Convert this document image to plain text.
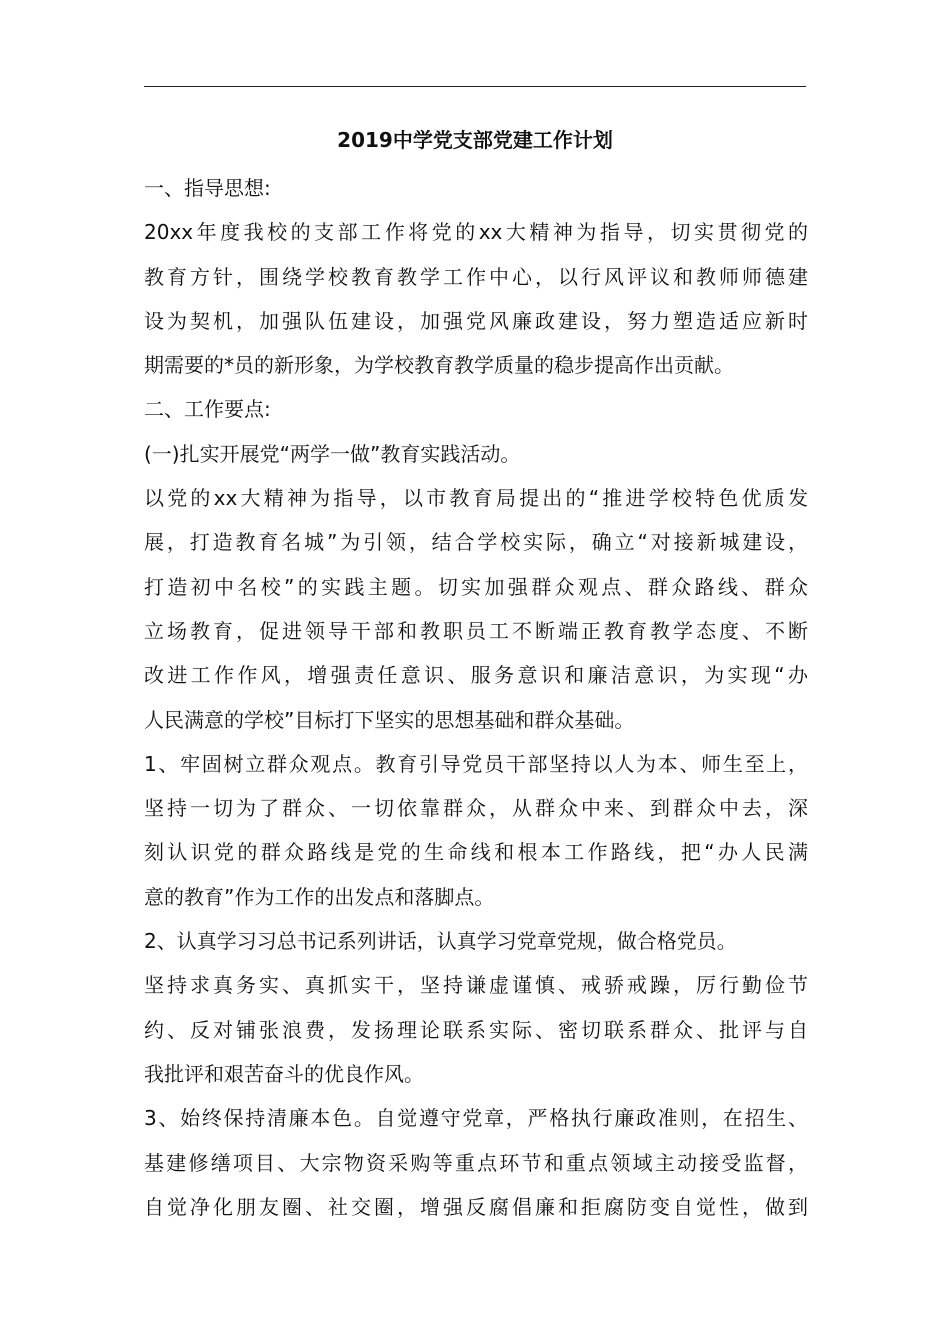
2019中学党支部党建工作计划
一、指导思想:
20xx年度我校的支部工作将党的xx大精神为指导，切实贯彻党的
教育方针，围绕学校教育教学工作中心，以行风评议和教师师德建
设为契机，加强队伍建设，加强党风廉政建设，努力塑造适应新时
期需要的*员的新形象，为学校教育教学质量的稳步提高作出贡献。
二、工作要点:
(一)扎实开展党“两学一做”教育实践活动。
以党的xx大精神为指导，以市教育局提出的“推进学校特色优质发
展，打造教育名城”为引领，结合学校实际，确立“对接新城建设，
打造初中名校”的实践主题。切实加强群众观点、群众路线、群众
立场教育，促进领导干部和教职员工不断端正教育教学态度、不断
改进工作作风，增强责任意识、服务意识和廉洁意识，为实现“办
人民满意的学校”目标打下坚实的思想基础和群众基础。
1、牢固树立群众观点。教育引导党员干部坚持以人为本、师生至上，
坚持一切为了群众、一切依靠群众，从群众中来、到群众中去，深
刻认识党的群众路线是党的生命线和根本工作路线，把“办人民满
意的教育”作为工作的出发点和落脚点。
2、认真学习习总书记系列讲话，认真学习党章党规，做合格党员。
坚持求真务实、真抓实干，坚持谦虚谨慎、戒骄戒躁，厉行勤俭节
约、反对铺张浪费，发扬理论联系实际、密切联系群众、批评与自
我批评和艰苦奋斗的优良作风。
3、始终保持清廉本色。自觉遵守党章，严格执行廉政准则，在招生、
基建修缮项目、大宗物资采购等重点环节和重点领域主动接受监督，
自觉净化朋友圈、社交圈，增强反腐倡廉和拒腐防变自觉性，做到
